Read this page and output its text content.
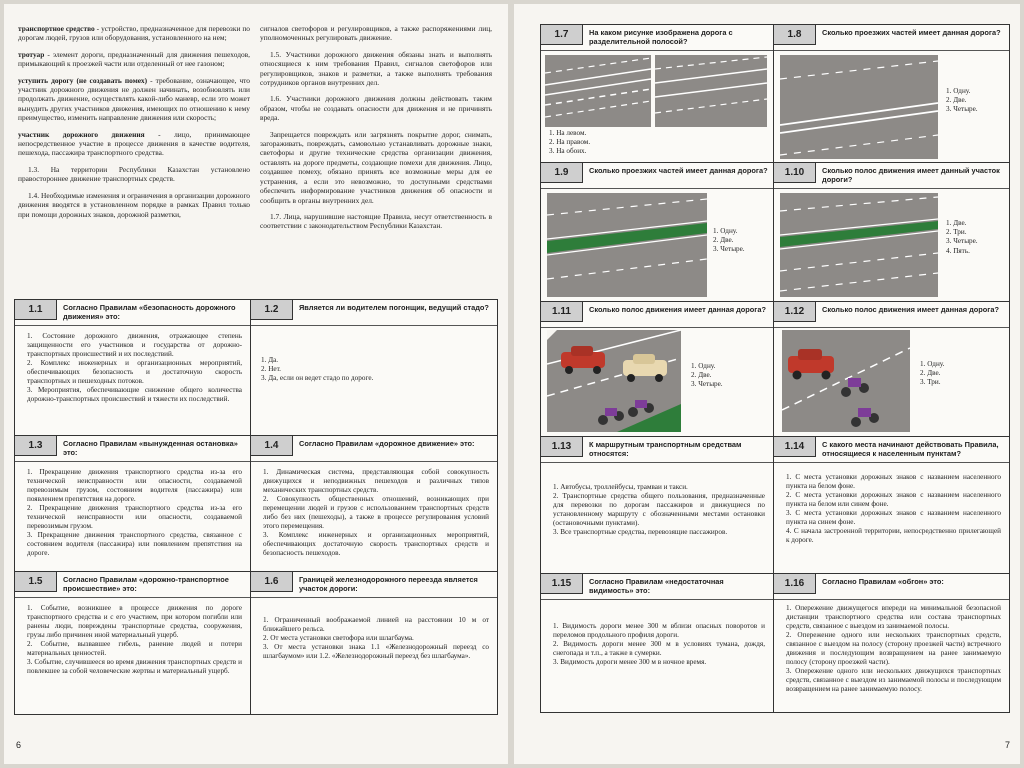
транспортное средство - устройство, предназначенное для перевозки по дорогам людей, грузов или оборудования, установленного на нем;

тротуар - элемент дороги, предназначенный для движения пешеходов, примыкающий к проезжей части или отделенный от нее газоном;

уступить дорогу (не создавать помех) - требование, означающее, что участник дорожного движения не должен начинать, возобновлять или продолжать движение, осуществлять какой-либо маневр, если это может вынудить других участников движения, имеющих по отношению к нему преимущество, изменить направление движения или скорость;

участник дорожного движения - лицо, принимающее непосредственное участие в процессе движения в качестве водителя, пешехода, пассажира транспортного средства.

1.3. На территории Республики Казахстан установлено правостороннее движение транспортных средств.

1.4. Необходимые изменения и ограничения в организации дорожного движения вводятся в установленном порядке в рамках Правил только при помощи дорожных знаков, дорожной разметки,

сигналов светофоров и регулировщиков, а также распоряжениями лиц, уполномоченных регулировать движение.

1.5. Участники дорожного движения обязаны знать и выполнять относящиеся к ним требования Правил, сигналов светофоров или регулировщиков, знаков и разметки, а также выполнять требования сотрудников органов внутренних дел.

1.6. Участники дорожного движения должны действовать таким образом, чтобы не создавать опасности для движения и не причинять вреда.

Запрещается повреждать или загрязнять покрытие дорог, снимать, загораживать, повреждать, самовольно устанавливать дорожные знаки, светофоры и другие технические средства организации движения, оставлять на дороге предметы, создающие помехи для движения. Лицо, создавшее помеху, обязано принять все возможные меры для ее устранения, а если это невозможно, то доступными средствами обеспечить информирование участников движения об опасности и сообщить в органы внутренних дел.

1.7. Лица, нарушившие настоящие Правила, несут ответственность в соответствии с законодательством Республики Казахстан.

1.1	Согласно Правилам «безопасность дорожного движения» это:
1. Состояние дорожного движения, отражающее степень защищенности его участников и государства от дорожно-транспортных происшествий и их последствий.
2. Комплекс инженерных и организационных мероприятий, обеспечивающих безопасность и достаточную скорость транспортных и пешеходных потоков.
3. Мероприятия, обеспечивающие снижение общего количества дорожно-транспортных происшествий и тяжести их последствий.
1.2	Является ли водителем погонщик, ведущий стадо?
1. Да.
2. Нет.
3. Да, если он ведет стадо по дороге.
1.3	Согласно Правилам «вынужденная остановка» это:
1. Прекращение движения транспортного средства из-за его технической неисправности или опасности, создаваемой перевозимым грузом, состоянием водителя (пассажира) или появлением препятствия на дороге.
2. Прекращение движения транспортного средства из-за его технической неисправности или опасности, создаваемой перевозимым грузом.
3. Прекращение движения транспортного средства, связанное с состоянием водителя (пассажира) или появлением препятствия на дороге.
1.4	Согласно Правилам «дорожное движение» это:
1. Динамическая система, представляющая собой совокупность движущихся и неподвижных пешеходов и различных типов механических транспортных средств.
2. Совокупность общественных отношений, возникающих при перемещении людей и грузов с использованием транспортных средств либо без них (пешеходы), а также в процессе регулирования условий этого перемещения.
3. Комплекс инженерных и организационных мероприятий, обеспечивающих достаточную скорость транспортных средств и безопасность пешеходов.
1.5	Согласно Правилам «дорожно-транспортное происшествие» это:
1. Событие, возникшее в процессе движения по дороге транспортного средства и с его участием, при котором погибли или ранены люди, повреждены транспортные средства, сооружения, грузы либо причинен иной материальный ущерб.
2. Событие, вызвавшее гибель, ранение людей и потери материальных ценностей.
3. Событие, случившееся во время движения транспортных средств и повлекшее за собой человеческие жертвы и материальный ущерб.
1.6	Границей железнодорожного переезда является участок дороги:
1. Ограниченный воображаемой линией на расстоянии 10 м от ближайшего рельса.
2. От места установки светофора или шлагбаума.
3. От места установки знака 1.1 «Железнодорожный переезд со шлагбаумом» или 1.2. «Железнодорожный переезд без шлагбаума».
6
1.7	На каком рисунке изображена дорога с разделительной полосой?
1. На левом.
2. На правом.
3. На обоих.
1.8	Сколько проезжих частей имеет данная дорога?
1. Одну.
2. Две.
3. Четыре.
1.9	Сколько проезжих частей имеет данная дорога?
1. Одну.
2. Две.
3. Четыре.
1.10	Сколько полос движения имеет данный участок дороги?
1. Две.
2. Три.
3. Четыре.
4. Пять.
1.11	Сколько полос движения имеет данная дорога?
1. Одну.
2. Две.
3. Четыре.
1.12	Сколько полос движения имеет данная дорога?
1. Одну.
2. Две.
3. Три.
1.13	К маршрутным транспортным средствам относятся:
1. Автобусы, троллейбусы, трамваи и такси.
2. Транспортные средства общего пользования, предназначенные для перевозки по дорогам пассажиров и движущиеся по установленному маршруту с обозначенными местами остановки (остановочными пунктами).
3. Все транспортные средства, перевозящие пассажиров.
1.14	С какого места начинают действовать Правила, относящиеся к населенным пунктам?
1. С места установки дорожных знаков с названием населенного пункта на белом фоне.
2. С места установки дорожных знаков с названием населенного пункта на белом или синем фоне.
3. С места установки дорожных знаков с названием населенного пункта на синем фоне.
4. С начала застроенной территории, непосредственно прилегающей к дороге.
1.15	Согласно Правилам «недостаточная видимость» это:
1. Видимость дороги менее 300 м вблизи опасных поворотов и переломов продольного профиля дороги.
2. Видимость дороги менее 300 м в условиях тумана, дождя, снегопада и т.п., а также в сумерки.
3. Видимость дороги менее 300 м в ночное время.
1.16	Согласно Правилам «обгон» это:
1. Опережение движущегося впереди на минимальной безопасной дистанции транспортного средства или состава транспортных средств, связанное с выездом из занимаемой полосы.
2. Опережение одного или нескольких транспортных средств, связанное с выездом на полосу (сторону проезжей части) встречного движения и последующим возвращением на ранее занимаемую полосу (сторону проезжей части).
3. Опережение одного или нескольких движущихся транспортных средств, связанное с выездом из занимаемой полосы и последующим возвращением на ранее занимаемую полосу.
7
